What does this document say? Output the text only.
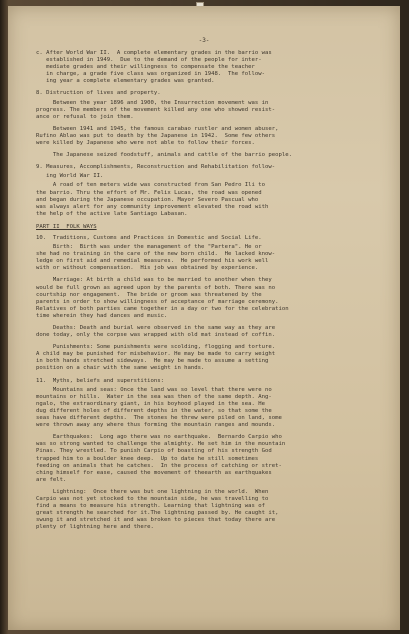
-3-
c. After World War II.  A complete elementary grades in the barrio was
established in 1949.  Due to the demand of the people for inter-
mediate grades and their willingness to compensate the teacher
in charge, a grade five class was organized in 1948.  The follow-
ing year a complete elementary grades was granted.
8. Distruction of lives and property.
Between the year 1896 and 1900, the Insurrection movement was in
progress. The members of the movement killed any one who showed resist-
ance or refusal to join them.
Between 1941 and 1945, the famous carabao rustler and women abuser,
Rufino Ablao was put to death by the Japanese in 1942.  Some few others
were killed by Japanese who were not able to follow their forces.
The Japanese seized foodstuff, animals and cattle of the barrio people.
9. Measures, Accomplishments, Reconstruction and Rehabilitation follow-
ing World War II.
A road of ten meters wide was constructed from San Pedro Ili to
the barrio. Thru the effort of Mr. Felix Lucas, the road was opened
and began during the Japanese occupation. Mayor Severo Pascual who
was always alert for any community improvement elevated the road with
the help of the active late Santiago Labasan.
PART II  FOLK WAYS
10.  Traditions, Customs and Practices in Domestic and Social Life.
Birth:  Birth was under the management of the "Partera". He or
she had no training in the care of the new born child.  He lacked know-
ledge on first aid and remedial measures.  He performed his work well
with or without compensation.  His job was obtained by experience.
Marriage: At birth a child was to be married to another when they
would be full grown as agreed upon by the parents of both. There was no
courtship nor engagement.  The bride or groom was threatened by the
parents in order to show willingness of acceptance of marriage ceremony.
Relatives of both parties came together in a day or two for the celebration
time wherein they had dances and music.
Deaths: Death and burial were observed in the same way as they are
done today, only the corpse was wrapped with old mat instead of coffin.
Punishments: Some punishments were scolding, flogging and torture.
A child may be punished for misbehavior. He may be made to carry weight
in both hands stretched sideways.  He may be made to assume a setting
position on a chair with the same weight in hands.
11.  Myths, beliefs and superstitions:
Mountains and seas: Once the land was so level that there were no
mountains or hills.  Water in the sea was then of the same depth. Ang-
ngalo, the extraordinary giant, in his boyhood played in the sea. He
dug different holes of different depths in the water, so that some the
seas have different depths.  The stones he threw were piled on land, some
were thrown away any where thus forming the mountain ranges and mounds.
Earthquakes:  Long ago there was no earthquake.  Bernardo Carpio who
was so strong wanted to challenge the almighty. He set him in the mountain
Pinas. They wrestled. To punish Carpio of boasting of his strength God
trapped him to a boulder knee deep.  Up to date he still sometimes
feeding on animals that he catches.  In the process of catching or stret-
ching himself for ease, caused the movement of theearth as earthquakes
are felt.
Lightning:  Once there was but one lightning in the world.  When
Carpio was not yet stocked to the mountain side, he was travelling to
find a means to measure his strength. Learning that lightning was of
great strength he searched for it.The lightning passed by. He caught it,
swung it and stretched it and was broken to pieces that today there are
plenty of lightning here and there.
